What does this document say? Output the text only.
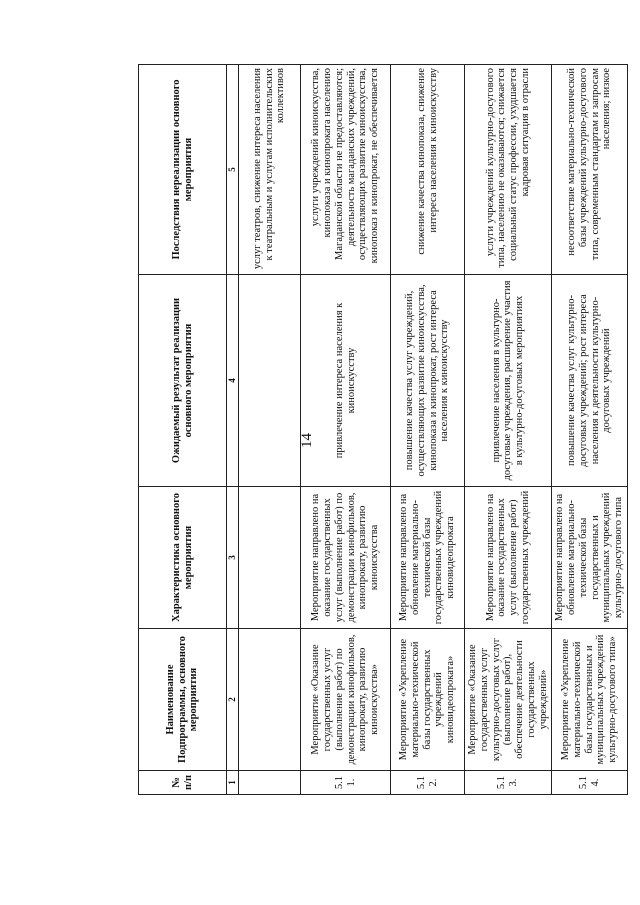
14
№ п/п	Наименование Подпрограммы, основного мероприятия	Характеристика основного мероприятия	Ожидаемый результат реализации основного мероприятия	Последствия нереализации основного мероприятия
1	2	3	4	5
				услуг театров, снижение интереса населения к театральным и услугам исполнительских коллективов
5.11.	Мероприятие «Оказание государственных услуг (выполнение работ) по демонстрации кинофильмов, кинопрокату, развитию киноискусства»	Мероприятие направлено на оказание государственных услуг (выполнение работ) по демонстрации кинофильмов, кинопрокату, развитию киноискусства	привлечение интереса населения к киноискусству	услуги учреждений киноискусства, кинопоказа и кинопроката населению Магаданской области не предоставляются; деятельность магаданских учреждений, осуществляющих развитие киноискусства, кинопоказ и кинопрокат, не обеспечивается
5.12.	Мероприятие «Укрепление материально-технической базы государственных учреждений киновидеопроката»	Мероприятие направлено на обновление материально-технической базы государственных учреждений киновидеопроката	повышение качества услуг учреждений, осуществляющих развитие киноискусства, кинопоказа и кинопрокат, рост интереса населения к киноискусству	снижение качества кинопоказа, снижение интереса населения к киноискусству
5.13.	Мероприятие «Оказание государственных услуг культурно-досуговых услуг (выполнение работ), обеспечение деятельности государственных учреждений»	Мероприятие направлено на оказание государственных услуг (выполнение работ) государственных учреждений	привлечение населения в культурно-досуговые учреждения, расширение участия в культурно-досуговых мероприятиях	услуги учреждений культурно-досугового типа, населению не оказываются; снижается социальный статус профессии, ухудшается кадровая ситуация в отрасли
5.14.	Мероприятие «Укрепление материально-технической базы государственных и муниципальных учреждений культурно-досугового типа»	Мероприятие направлено на обновление материально-технической базы государственных и муниципальных учреждений культурно-досугового типа	повышение качества услуг культурно-досуговых учреждений; рост интереса населения к деятельности культурно-досуговых учреждений	несоответствие материально-технической базы учреждений культурно-досугового типа, современным стандартам и запросам населения; низкое
